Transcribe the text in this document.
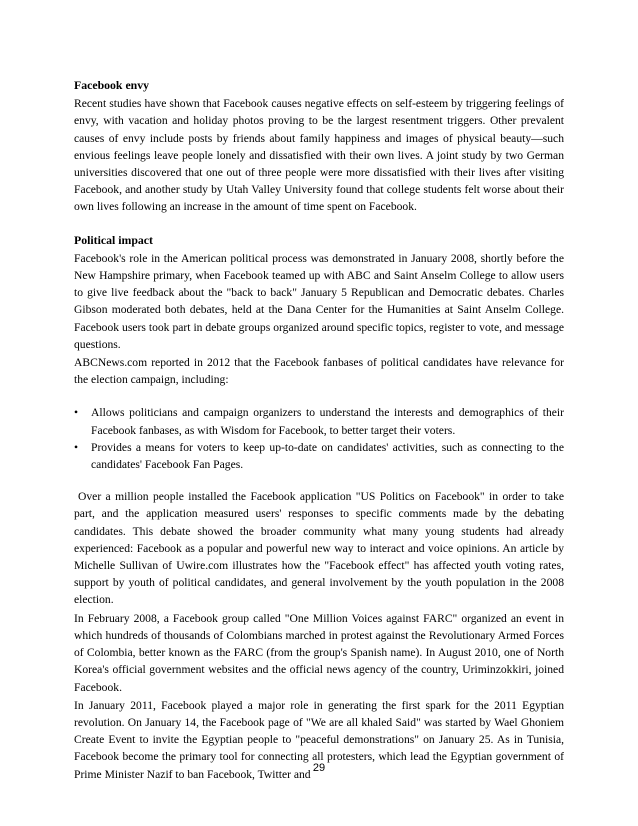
Facebook envy

Recent studies have shown that Facebook causes negative effects on self-esteem by triggering feelings of envy, with vacation and holiday photos proving to be the largest resentment triggers. Other prevalent causes of envy include posts by friends about family happiness and images of physical beauty—such envious feelings leave people lonely and dissatisfied with their own lives. A joint study by two German universities discovered that one out of three people were more dissatisfied with their lives after visiting Facebook, and another study by Utah Valley University found that college students felt worse about their own lives following an increase in the amount of time spent on Facebook.

Political impact

Facebook's role in the American political process was demonstrated in January 2008, shortly before the New Hampshire primary, when Facebook teamed up with ABC and Saint Anselm College to allow users to give live feedback about the "back to back" January 5 Republican and Democratic debates. Charles Gibson moderated both debates, held at the Dana Center for the Humanities at Saint Anselm College. Facebook users took part in debate groups organized around specific topics, register to vote, and message questions.

ABCNews.com reported in 2012 that the Facebook fanbases of political candidates have relevance for the election campaign, including:

• Allows politicians and campaign organizers to understand the interests and demographics of their Facebook fanbases, as with Wisdom for Facebook, to better target their voters.
• Provides a means for voters to keep up-to-date on candidates' activities, such as connecting to the candidates' Facebook Fan Pages.

Over a million people installed the Facebook application "US Politics on Facebook" in order to take part, and the application measured users' responses to specific comments made by the debating candidates. This debate showed the broader community what many young students had already experienced: Facebook as a popular and powerful new way to interact and voice opinions. An article by Michelle Sullivan of Uwire.com illustrates how the "Facebook effect" has affected youth voting rates, support by youth of political candidates, and general involvement by the youth population in the 2008 election.

In February 2008, a Facebook group called "One Million Voices against FARC" organized an event in which hundreds of thousands of Colombians marched in protest against the Revolutionary Armed Forces of Colombia, better known as the FARC (from the group's Spanish name). In August 2010, one of North Korea's official government websites and the official news agency of the country, Uriminzokkiri, joined Facebook.

In January 2011, Facebook played a major role in generating the first spark for the 2011 Egyptian revolution. On January 14, the Facebook page of "We are all khaled Said" was started by Wael Ghoniem Create Event to invite the Egyptian people to "peaceful demonstrations" on January 25. As in Tunisia, Facebook become the primary tool for connecting all protesters, which lead the Egyptian government of Prime Minister Nazif to ban Facebook, Twitter and 29
